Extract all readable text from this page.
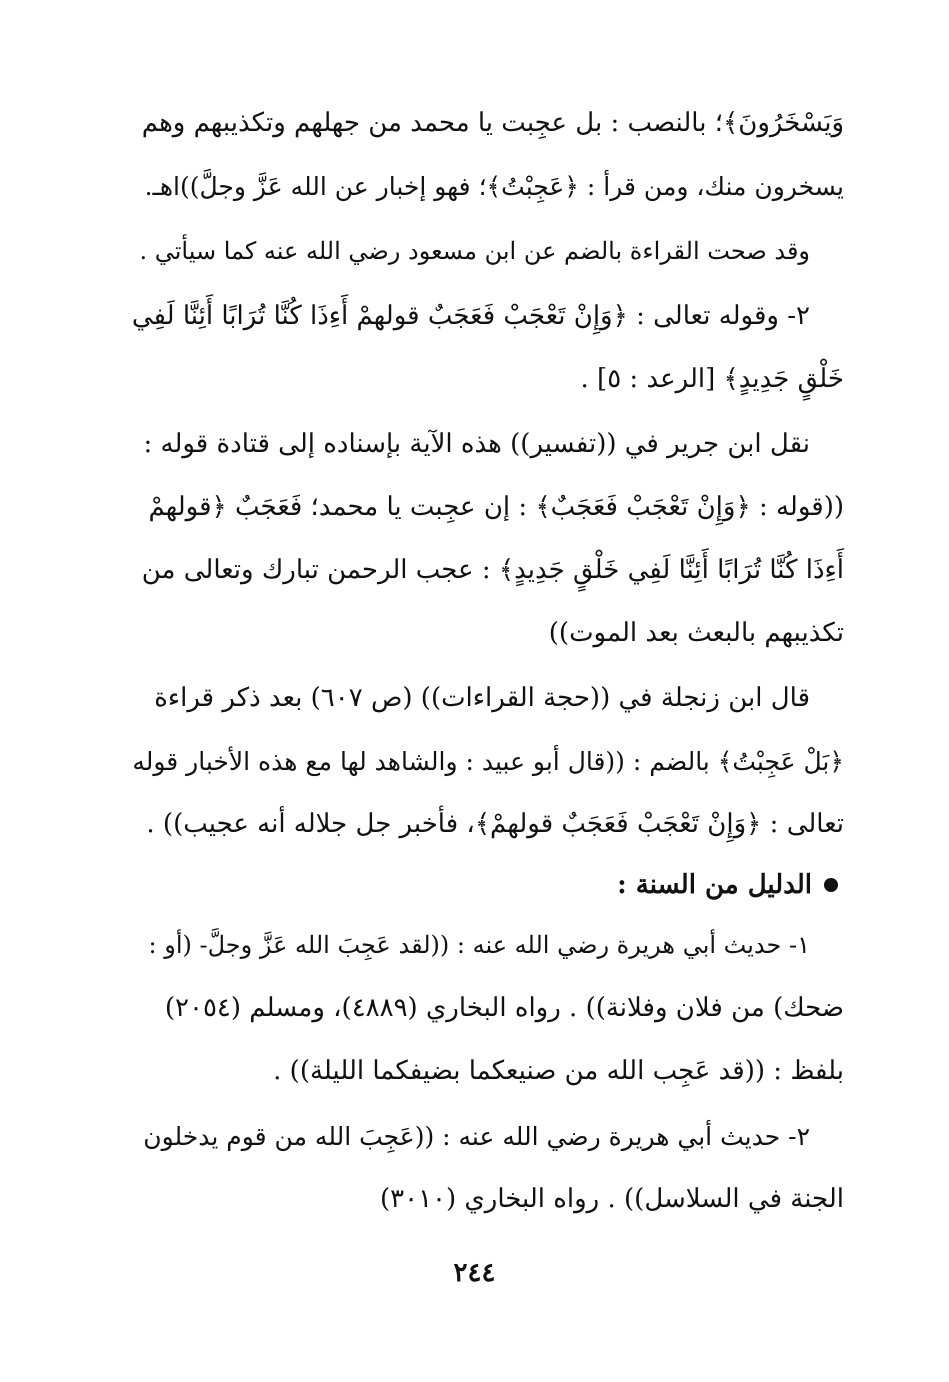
وَيَسْخَرُونَ﴾؛ بالنصب : بل عجِبت يا محمد من جهلهم وتكذيبهم وهم
يسخرون منك، ومن قرأ : ﴿عَجِبْتُ﴾؛ فهو إخبار عن الله عَزَّ وجلَّ))اهـ.
وقد صحت القراءة بالضم عن ابن مسعود رضي الله عنه كما سيأتي .
٢- وقوله تعالى : ﴿وَإِنْ تَعْجَبْ فَعَجَبٌ قولهمْ أَءِذَا كُنَّا تُرَابًا أَئِنَّا لَفِي
خَلْقٍ جَدِيدٍ﴾ [الرعد : ٥] .
نقل ابن جرير في ((تفسير)) هذه الآية بإسناده إلى قتادة قوله :
((قوله : ﴿وَإِنْ تَعْجَبْ فَعَجَبٌ﴾ : إن عجِبت يا محمد؛ فَعَجَبٌ ﴿قولهمْ
أَءِذَا كُنَّا تُرَابًا أَئِنَّا لَفِي خَلْقٍ جَدِيدٍ﴾ : عجب الرحمن تبارك وتعالى من
تكذيبهم بالبعث بعد الموت))
قال ابن زنجلة في ((حجة القراءات)) (ص ٦٠٧) بعد ذكر قراءة
﴿بَلْ عَجِبْتُ﴾ بالضم : ((قال أبو عبيد : والشاهد لها مع هذه الأخبار قوله
تعالى : ﴿وَإِنْ تَعْجَبْ فَعَجَبٌ قولهمْ﴾، فأخبر جل جلاله أنه عجيب)) .
الدليل من السنة :
١- حديث أبي هريرة رضي الله عنه : ((لقد عَجِبَ الله عَزَّ وجلَّ- (أو :
ضحك) من فلان وفلانة)) . رواه البخاري (٤٨٨٩)، ومسلم (٢٠٥٤)
بلفظ : ((قد عَجِب الله من صنيعكما بضيفكما الليلة)) .
٢- حديث أبي هريرة رضي الله عنه : ((عَجِبَ الله من قوم يدخلون
الجنة في السلاسل)) . رواه البخاري (٣٠١٠)
٢٤٤
